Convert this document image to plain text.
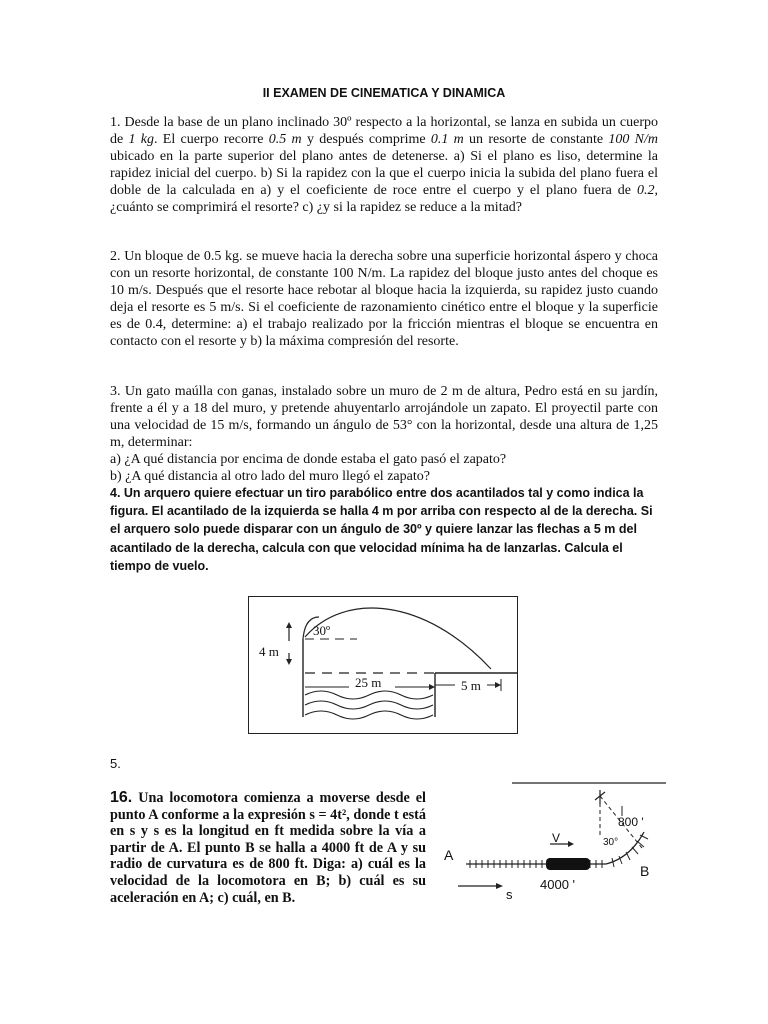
II EXAMEN DE CINEMATICA Y DINAMICA

1. Desde la base de un plano inclinado 30º respecto a la horizontal, se lanza en subida un cuerpo de 1 kg. El cuerpo recorre 0.5 m y después comprime 0.1 m un resorte de constante 100 N/m ubicado en la parte superior del plano antes de detenerse. a) Si el plano es liso, determine la rapidez inicial del cuerpo. b) Si la rapidez con la que el cuerpo inicia la subida del plano fuera el doble de la calculada en a) y el coeficiente de roce entre el cuerpo y el plano fuera de 0.2, ¿cuánto se comprimirá el resorte? c) ¿y si la rapidez se reduce a la mitad?

2. Un bloque de 0.5 kg. se mueve hacia la derecha sobre una superficie horizontal áspero y choca con un resorte horizontal, de constante 100 N/m. La rapidez del bloque justo antes del choque es 10 m/s. Después que el resorte hace rebotar al bloque hacia la izquierda, su rapidez justo cuando deja el resorte es 5 m/s. Si el coeficiente de razonamiento cinético entre el bloque y la superficie es de 0.4, determine: a) el trabajo realizado por la fricción mientras el bloque se encuentra en contacto con el resorte y b) la máxima compresión del resorte.

3. Un gato maúlla con ganas, instalado sobre un muro de 2 m de altura, Pedro está en su jardín, frente a él y a 18 del muro, y pretende ahuyentarlo arrojándole un zapato. El proyectil parte con una velocidad de 15 m/s, formando un ángulo de 53° con la horizontal, desde una altura de 1,25 m, determinar:

a) ¿A qué distancia por encima de donde estaba el gato pasó el zapato?

b) ¿A qué distancia al otro lado del muro llegó el zapato?

4. Un arquero quiere efectuar un tiro parabólico entre dos acantilados tal y como indica la figura. El acantilado de la izquierda se halla 4 m por arriba con respecto al de la derecha. Si el arquero solo puede disparar con un ángulo de 30º y quiere lanzar las flechas a 5 m del acantilado de la derecha, calcula con que velocidad mínima ha de lanzarlas. Calcula el tiempo de vuelo.
30º
4 m
25 m	5 m
5.
16. Una locomotora comienza a moverse desde el punto A conforme a la expresión s = 4t², donde t está en s y s es la longitud en ft medida sobre la vía a partir de A. El punto B se halla a 4000 ft de A y su radio de curvatura es de 800 ft. Diga: a) cuál es la velocidad de la locomotora en B; b) cuál es su aceleración en A; c) cuál, en B.
A
B
V
800 '
30°
4000 '
s
